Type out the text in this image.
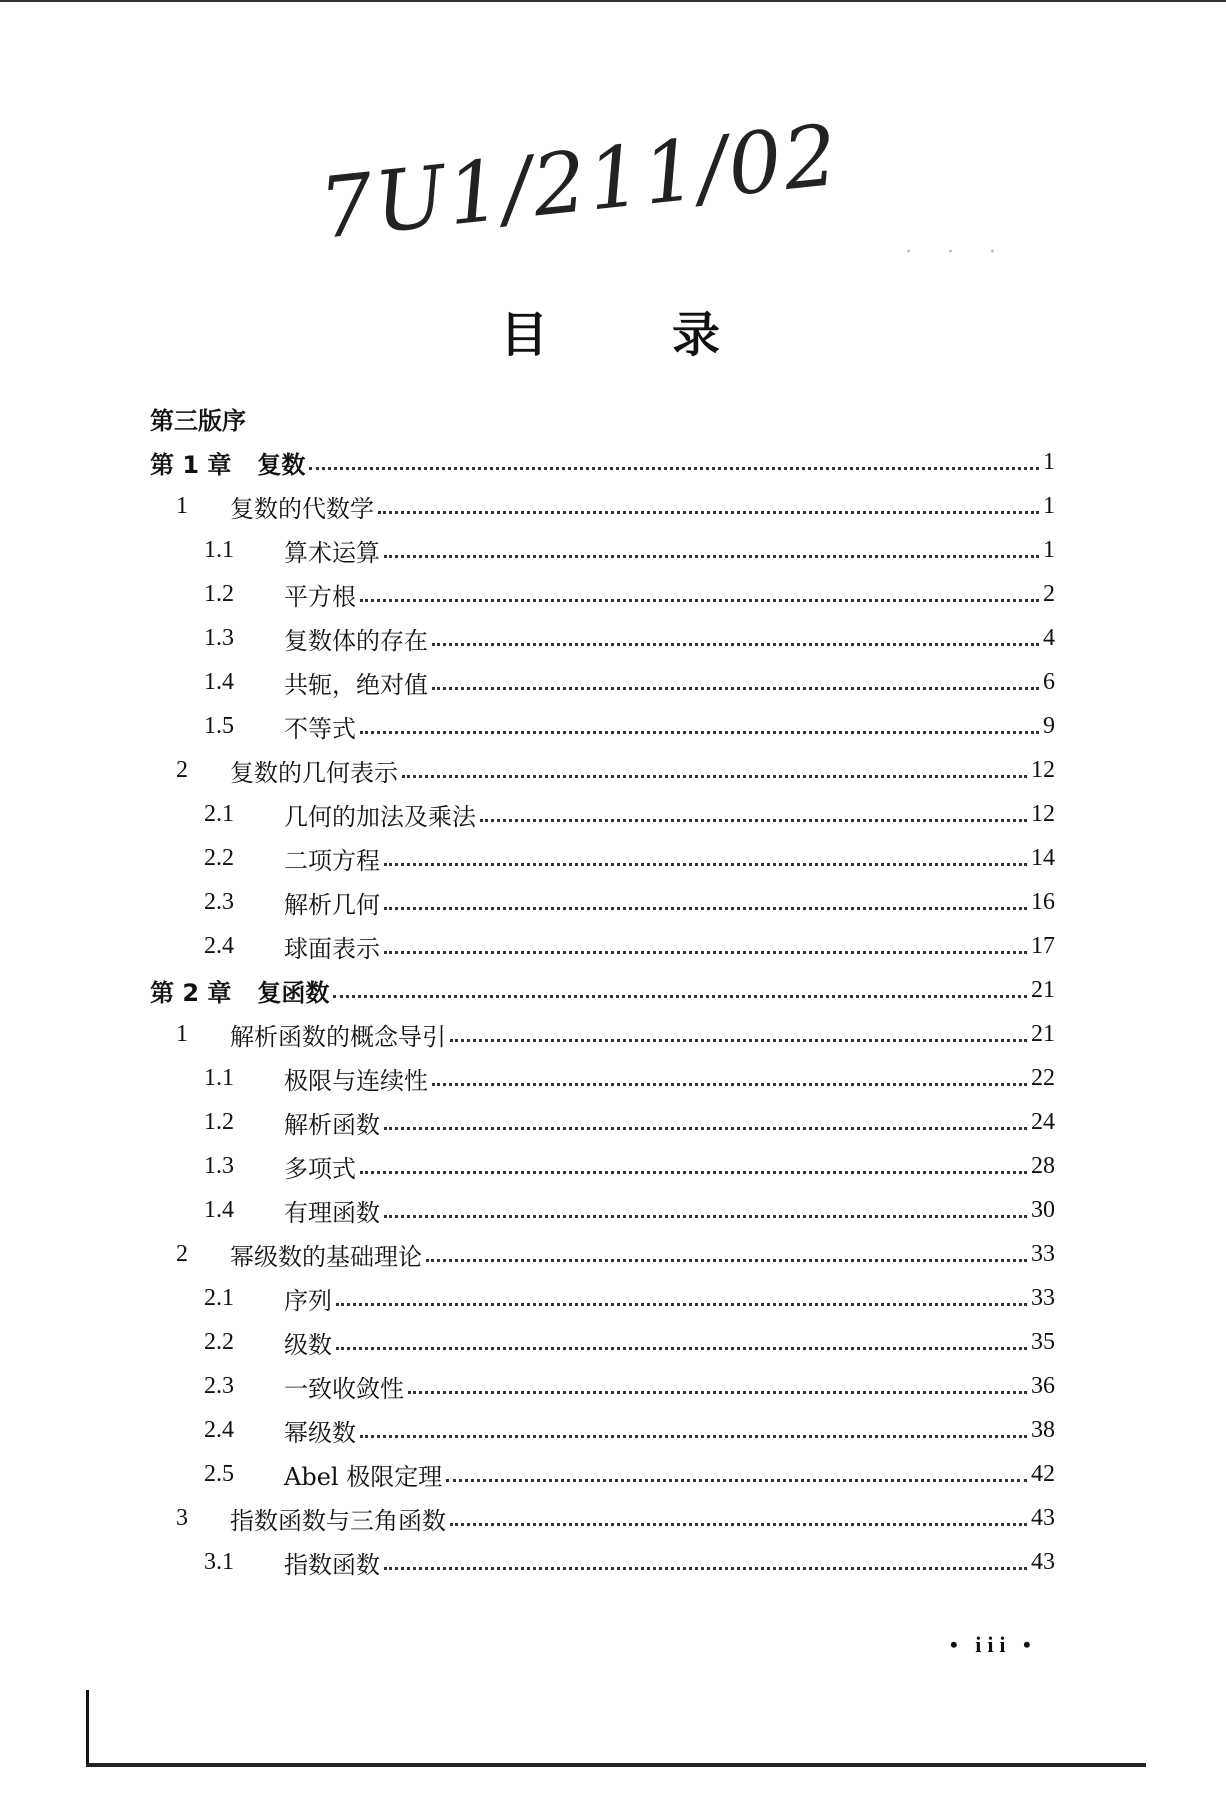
7U1/211/02	· · ·
目	录
第三版序
第 1 章 复数	1
1	复数的代数学	1
1.1	算术运算	1
1.2	平方根	2
1.3	复数体的存在	4
1.4	共轭，绝对值	6
1.5	不等式	9
2	复数的几何表示	12
2.1	几何的加法及乘法	12
2.2	二项方程	14
2.3	解析几何	16
2.4	球面表示	17
第 2 章 复函数	21
1	解析函数的概念导引	21
1.1	极限与连续性	22
1.2	解析函数	24
1.3	多项式	28
1.4	有理函数	30
2	幂级数的基础理论	33
2.1	序列	33
2.2	级数	35
2.3	一致收敛性	36
2.4	幂级数	38
2.5	Abel 极限定理	42
3	指数函数与三角函数	43
3.1	指数函数	43
• iii •
